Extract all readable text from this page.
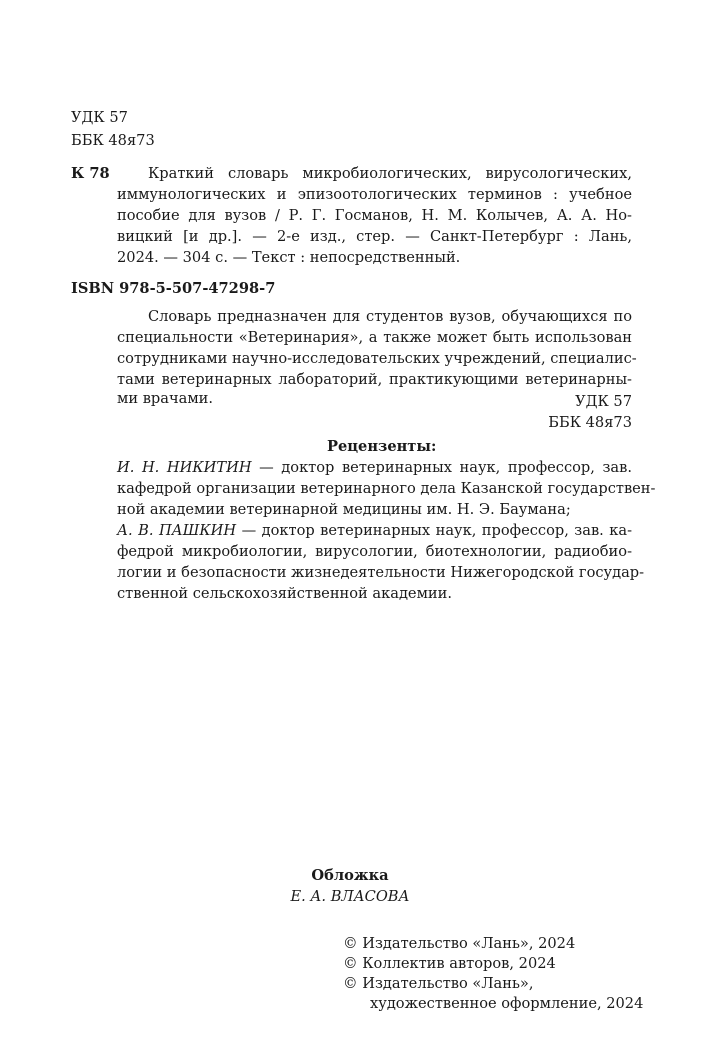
УДК 57
ББК 48я73
К 78	Краткий словарь микробиологических, вирусологических,
иммунологических и эпизоотологических терминов : учебное
пособие для вузов / Р. Г. Госманов, Н. М. Колычев, А. А. Но-
вицкий [и др.]. — 2-е изд., стер. — Санкт-Петербург : Лань,
2024. — 304 с. — Текст : непосредственный.
ISBN 978-5-507-47298-7
Словарь предназначен для студентов вузов, обучающихся по
специальности «Ветеринария», а также может быть использован
сотрудниками научно-исследовательских учреждений, специалис-
тами ветеринарных лабораторий, практикующими ветеринарны-
ми врачами.	УДК 57
ББК 48я73
Рецензенты:
И. Н. НИКИТИН — доктор ветеринарных наук, профессор, зав.
кафедрой организации ветеринарного дела Казанской государствен-
ной академии ветеринарной медицины им. Н. Э. Баумана;
А. В. ПАШКИН — доктор ветеринарных наук, профессор, зав. ка-
федрой микробиологии, вирусологии, биотехнологии, радиобио-
логии и безопасности жизнедеятельности Нижегородской государ-
ственной сельскохозяйственной академии.
Обложка
Е. А. ВЛАСОВА
© Издательство «Лань», 2024
© Коллектив авторов, 2024
© Издательство «Лань»,
художественное оформление, 2024
